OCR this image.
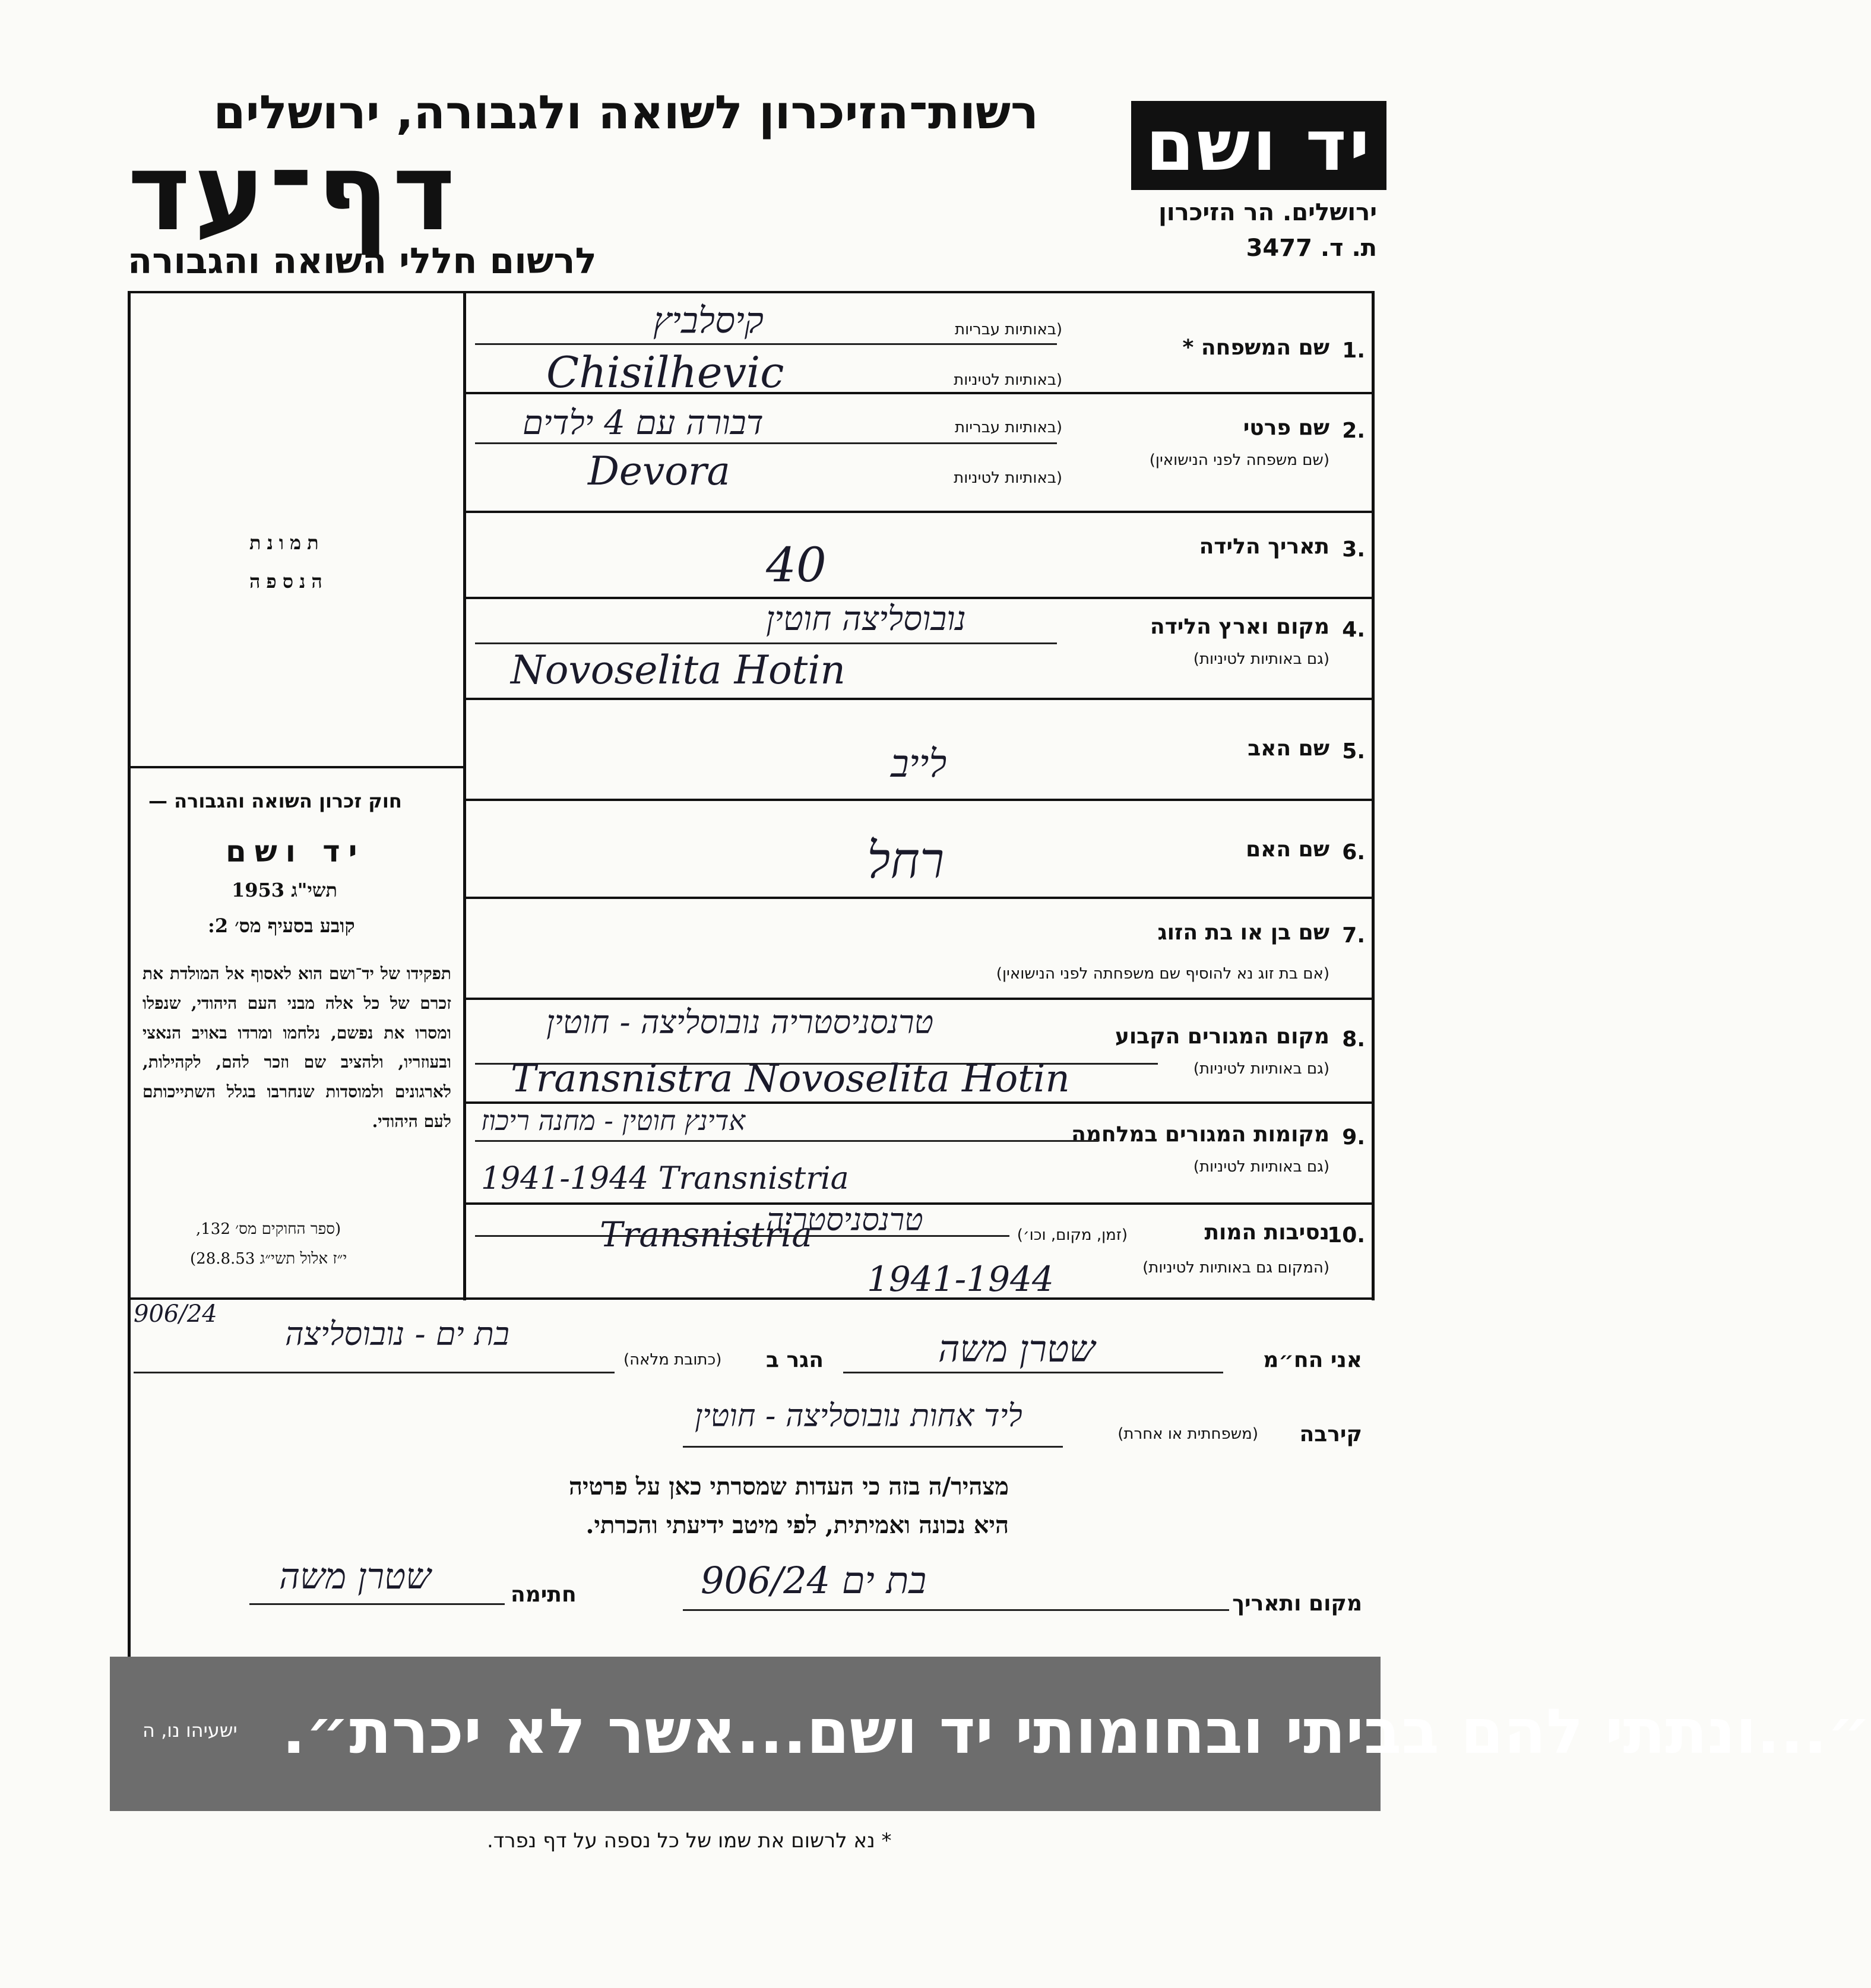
יד ושם
רשות־הזיכרון לשואה ולגבורה, ירושלים
דף־עד
לרשום חללי השואה והגבורה
ירושלים. הר הזיכרון
ת. ד. 3477
תמונת
הנספה
חוק זכרון השואה והגבורה —
יד ושם
תשי"ג 1953
קובע בסעיף מס׳ 2:
תפקידו של יד־ושם הוא לאסוף אל המולדת את זכרם של כל אלה מבני העם היהודי, שנפלו ומסרו את נפשם, נלחמו ומרדו באויב הנאצי ובעוזריו, ולהציב שם וזכר להם, לקהילות, לארגונים ולמוסדות שנחרבו בגלל השתייכותם לעם היהודי.
(ספר החוקים מס׳ 132,
י״ז אלול תשי״ג 28.8.53)
1.
שם המשפחה *
(באותיות עבריות
(באותיות לטיניות
קיסלביץ
Chisilhevic
2.
שם פרטי
(שם משפחה לפני הנישואין)
(באותיות עבריות
(באותיות לטיניות
דבורה עם 4 ילדים
Devora
3.
תאריך הלידה
40
4.
מקום וארץ הלידה
(גם באותיות לטיניות)
נובוסליצה חוטין
Novoselita Hotin
5.
שם האב
לייב
6.
שם האם
רחל
7.
שם בן או בת הזוג
(אם בת זוג נא להוסיף שם משפחתה לפני הנישואין)
8.
מקום המגורים הקבוע
(גם באותיות לטיניות)
טרנסניסטריה נובוסליצה - חוטין
Transnistra Novoselita Hotin
9.
מקומות המגורים במלחמה
(גם באותיות לטיניות)
אדינץ חוטין - מחנה ריכוז
1941-1944 Transnistria
10.
נסיבות המות
(זמן, מקום, וכו׳)
(המקום גם באותיות לטיניות)
טרנסניסטריה
Transnistria
1941-1944
אני הח״מ
שטרן משה
הגר ב
(כתובת מלאה)
בת ים - נובוסליצה
906/24
קירבה
(משפחתית או אחרת)
ליד אחות נובוסליצה - חוטין
מצהיר/ה בזה כי העדות שמסרתי כאן על פרטיה
היא נכונה ואמיתית, לפי מיטב ידיעתי והכרתי.
מקום ותאריך
בת ים 906/24
חתימה
שטרן משה
״...ונתתי להם בביתי ובחומותי יד ושם...אשר לא יכרת״.
ישעיהו נו, ה
* נא לרשום את שמו של כל נספה על דף נפרד.
